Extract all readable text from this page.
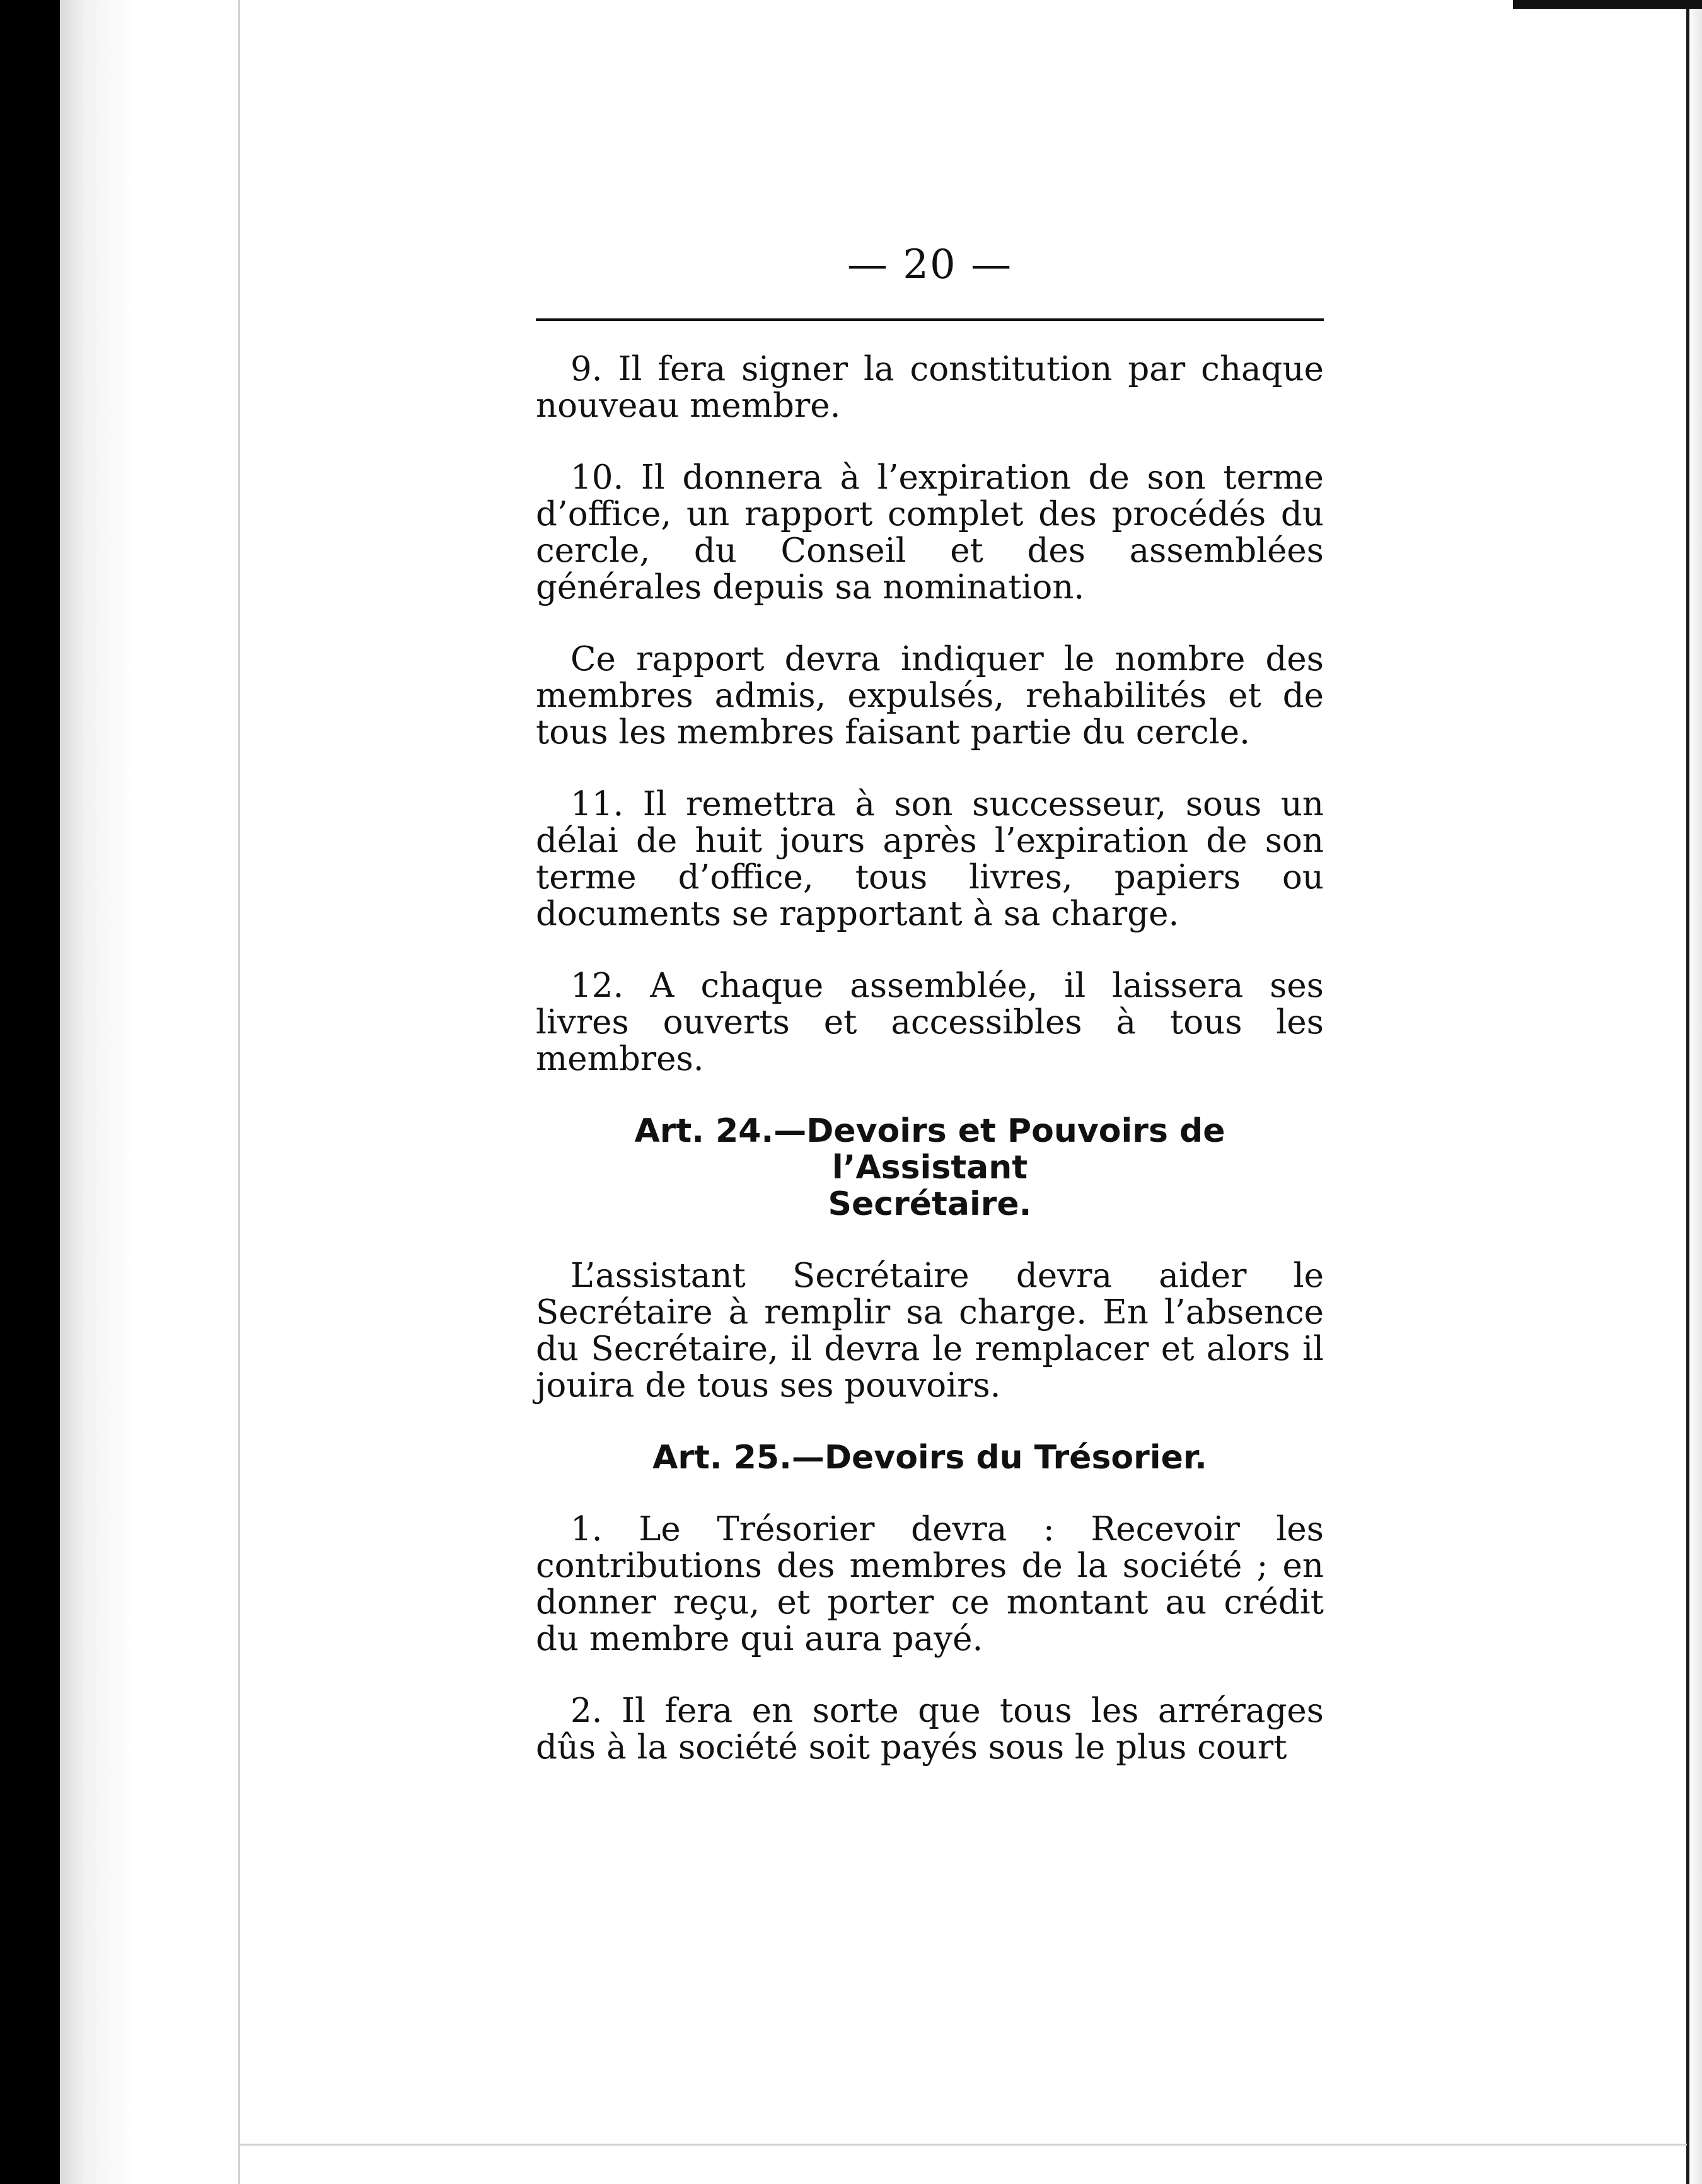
— 20 —

9. Il fera signer la constitution par chaque nouveau membre.

10. Il donnera à l’expiration de son terme d’office, un rapport complet des procédés du cercle, du Conseil et des assemblées générales depuis sa nomination.

Ce rapport devra indiquer le nombre des membres admis, expulsés, rehabilités et de tous les membres faisant partie du cercle.

11. Il remettra à son successeur, sous un délai de huit jours après l’expiration de son terme d’office, tous livres, papiers ou documents se rapportant à sa charge.

12. A chaque assemblée, il laissera ses livres ouverts et accessibles à tous les membres.

Art. 24.—Devoirs et Pouvoirs de l’Assistant
Secrétaire.

L’assistant Secrétaire devra aider le Secrétaire à remplir sa charge. En l’absence du Secrétaire, il devra le remplacer et alors il jouira de tous ses pouvoirs.

Art. 25.—Devoirs du Trésorier.

1. Le Trésorier devra : Recevoir les contributions des membres de la société ; en donner reçu, et porter ce montant au crédit du membre qui aura payé.

2. Il fera en sorte que tous les arrérages dûs à la société soit payés sous le plus court
